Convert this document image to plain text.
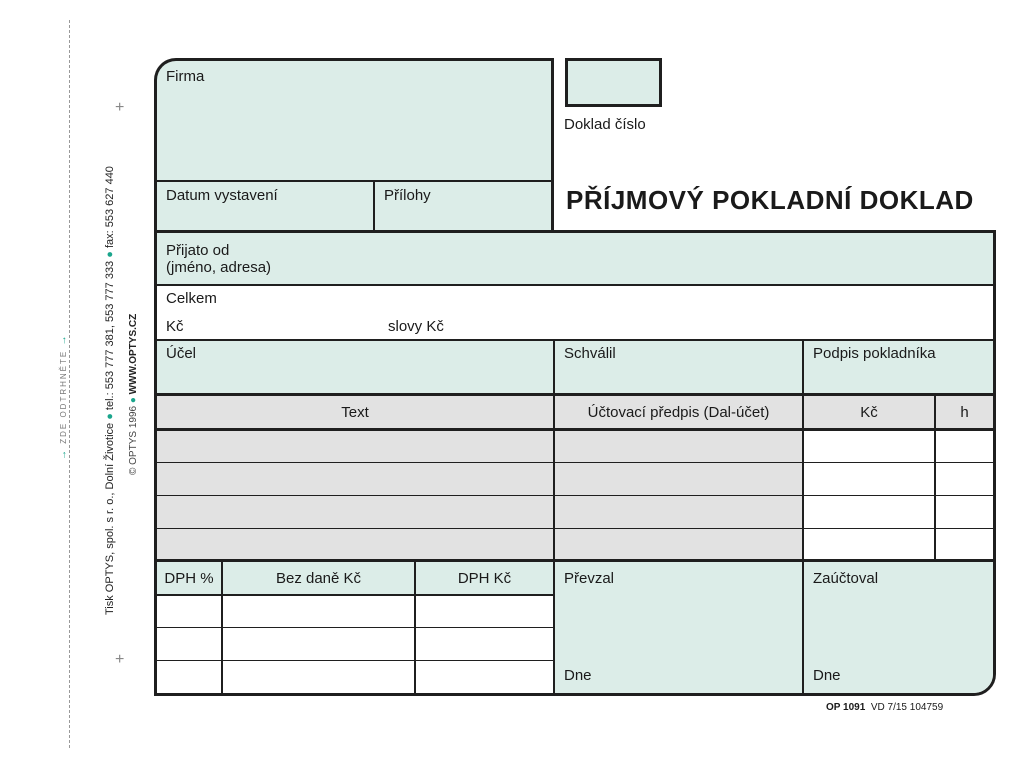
→ ZDE ODTRHNĚTE →
+
+
Tisk OPTYS, spol. s r. o., Dolní Životice ● tel.: 553 777 381, 553 777 333 ● fax: 553 627 440
© OPTYS 1996 ● WWW.OPTYS.CZ
Firma
Datum vystavení	Přílohy
Doklad číslo
PŘÍJMOVÝ POKLADNÍ DOKLAD
Přijato od
(jméno, adresa)
Celkem
Kč	slovy Kč
Účel	Schválil	Podpis pokladníka
Text	Účtovací předpis (Dal-účet)	Kč	h
DPH %	Bez daně Kč	DPH Kč	Převzal	Zaúčtoval
Dne	Dne
OP 1091 VD 7/15 104759
